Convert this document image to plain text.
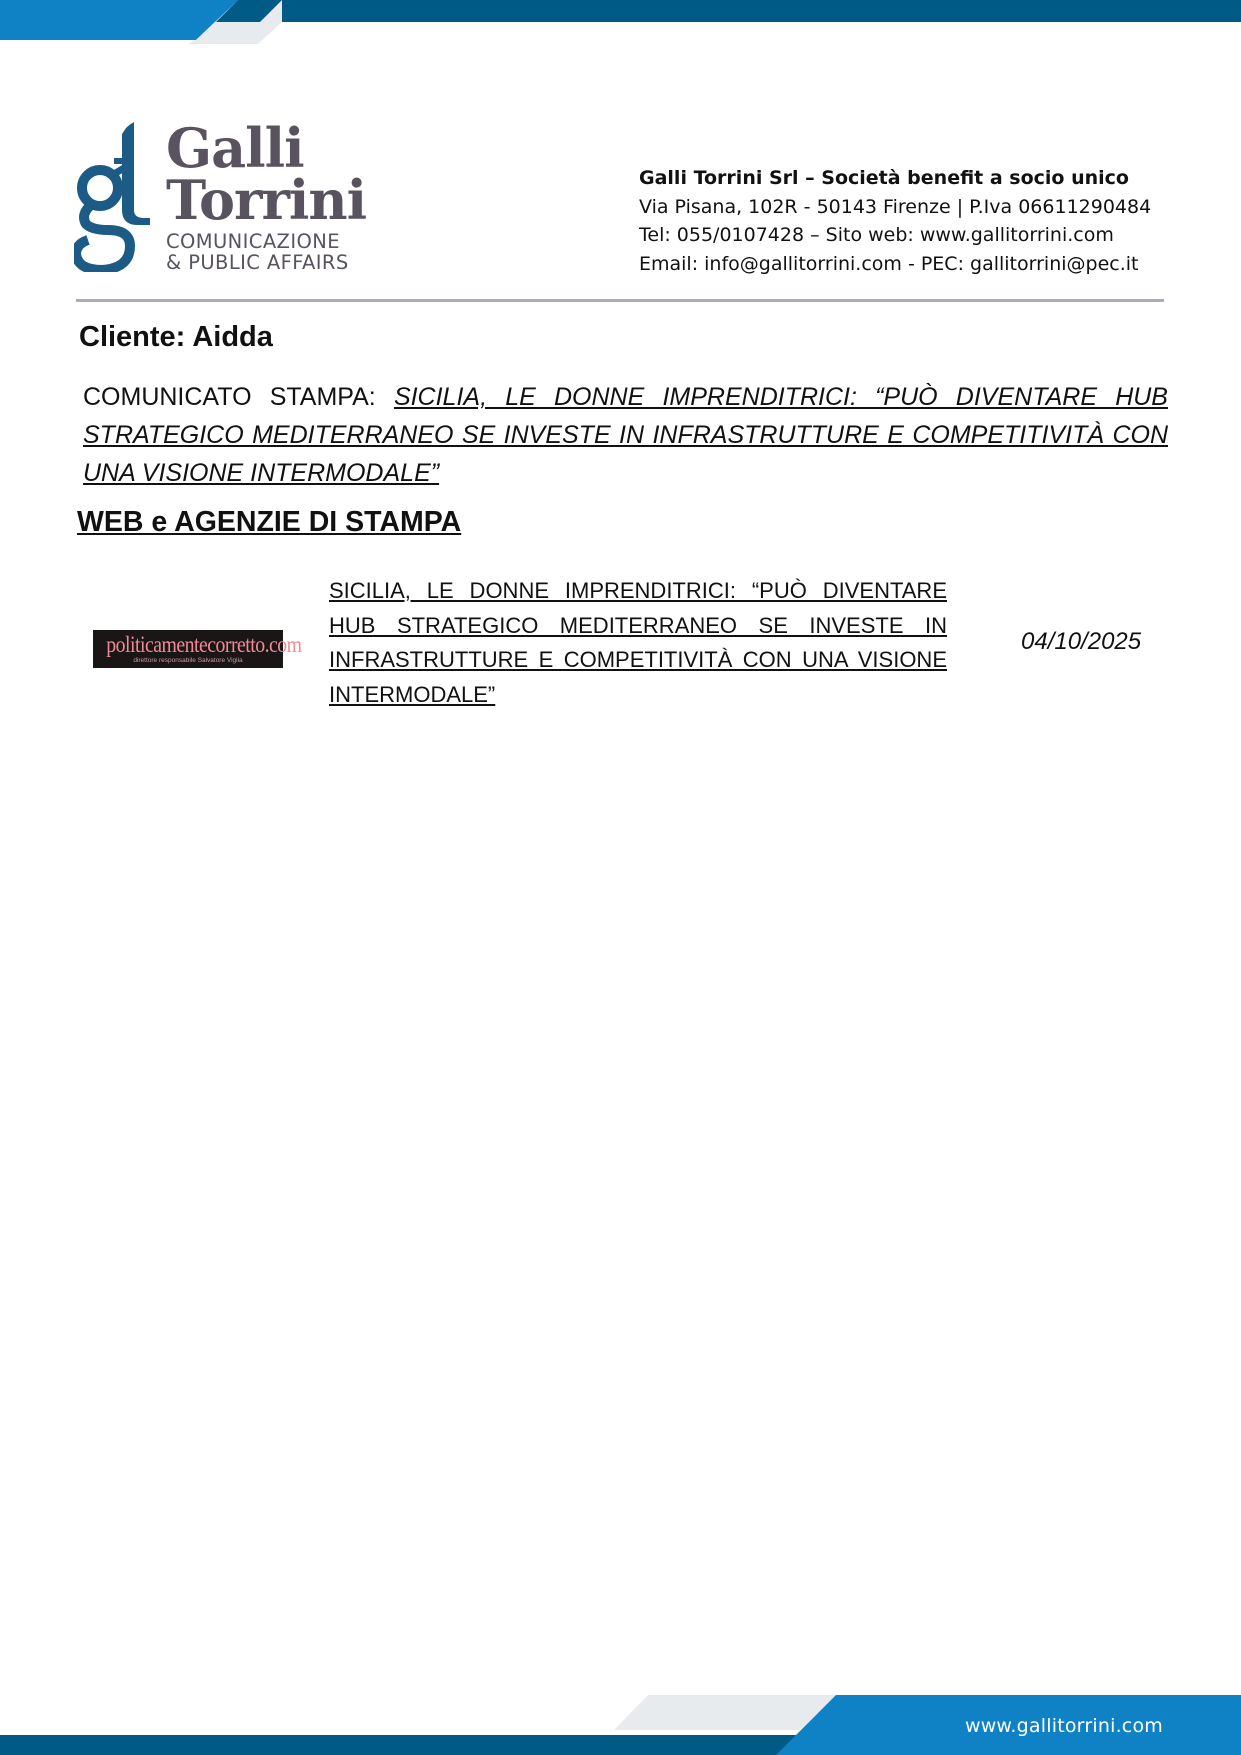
Galli
Torrini
COMUNICAZIONE
& PUBLIC AFFAIRS
Galli Torrini Srl – Società benefit a socio unico
Via Pisana, 102R - 50143 Firenze | P.Iva 06611290484
Tel: 055/0107428 – Sito web: www.gallitorrini.com
Email: info@gallitorrini.com - PEC: gallitorrini@pec.it
Cliente: Aidda
COMUNICATO STAMPA: SICILIA, LE DONNE IMPRENDITRICI: “PUÒ DIVENTARE HUB STRATEGICO MEDITERRANEO SE INVESTE IN INFRASTRUTTURE E COMPETITIVITÀ CON UNA VISIONE INTERMODALE”
WEB e AGENZIE DI STAMPA
politicamentecorretto.com
direttore responsabile Salvatore Viglia
SICILIA, LE DONNE IMPRENDITRICI: “PUÒ DIVENTARE HUB STRATEGICO MEDITERRANEO SE INVESTE IN INFRASTRUTTURE E COMPETITIVITÀ CON UNA VISIONE INTERMODALE”
04/10/2025
www.gallitorrini.com
